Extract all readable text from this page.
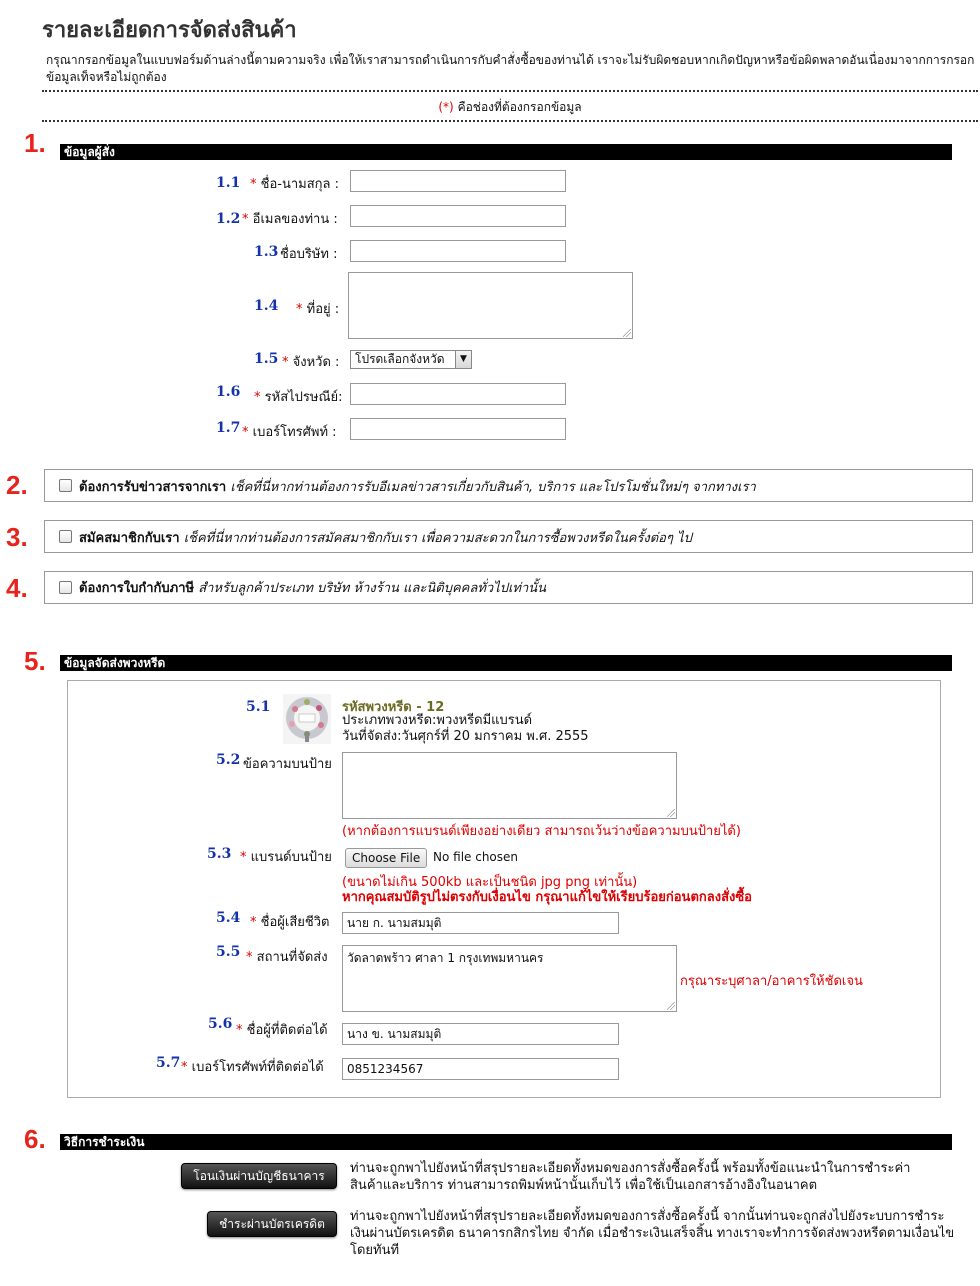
รายละเอียดการจัดส่งสินค้า
กรุณากรอกข้อมูลในแบบฟอร์มด้านล่างนี้ตามความจริง เพื่อให้เราสามารถดำเนินการกับคำสั่งซื้อของท่านได้ เราจะไม่รับผิดชอบหากเกิดปัญหาหรือข้อผิดพลาดอันเนื่องมาจากการกรอกข้อมูลเท็จหรือไม่ถูกต้อง
(*) คือช่องที่ต้องกรอกข้อมูล
1.	ข้อมูลผู้สั่ง
1.1 * ชื่อ-นามสกุล :
1.2 * อีเมลของท่าน :
1.3 ชื่อบริษัท :
1.4 * ที่อยู่ :
1.5 * จังหวัด :	โปรดเลือกจังหวัด	▼
1.6 * รหัสไปรษณีย์:
1.7 * เบอร์โทรศัพท์ :
2.	ต้องการรับข่าวสารจากเรา เช็คที่นี่หากท่านต้องการรับอีเมลข่าวสารเกี่ยวกับสินค้า, บริการ และโปรโมชั่นใหม่ๆ จากทางเรา
3.	สมัคสมาชิกกับเรา เช็คที่นี่หากท่านต้องการสมัคสมาชิกกับเรา เพื่อความสะดวกในการซื้อพวงหรีดในครั้งต่อๆ ไป
4.	ต้องการใบกำกับภาษี สำหรับลูกค้าประเภท บริษัท ห้างร้าน และนิติบุคคลทั่วไปเท่านั้น
5.	ข้อมูลจัดส่งพวงหรีด
5.1	รหัสพวงหรีด - 12
ประเภทพวงหรีด:พวงหรีดมีแบรนด์
วันที่จัดส่ง:วันศุกร์ที่ 20 มกราคม พ.ศ. 2555
5.2 ข้อความบนป้าย
(หากต้องการแบรนด์เพียงอย่างเดียว สามารถเว้นว่างข้อความบนป้ายได้)
5.3 * แบรนด์บนป้าย	Choose File	No file chosen
(ขนาดไม่เกิน 500kb และเป็นชนิด jpg png เท่านั้น)
หากคุณสมบัติรูปไม่ตรงกับเงื่อนไข กรุณาแก้ไขให้เรียบร้อยก่อนตกลงสั่งซื้อ
5.4 * ชื่อผู้เสียชีวิต
นาย ก. นามสมมุติ
5.5 * สถานที่จัดส่ง	วัดลาดพร้าว ศาลา 1 กรุงเทพมหานคร
กรุณาระบุศาลา/อาคารให้ชัดเจน
5.6 * ชื่อผู้ที่ติดต่อได้
นาง ข. นามสมมุติ
5.7 * เบอร์โทรศัพท์ที่ติดต่อได้
0851234567
6.	วิธีการชำระเงิน
โอนเงินผ่านบัญชีธนาคาร	ท่านจะถูกพาไปยังหน้าที่สรุปรายละเอียดทั้งหมดของการสั่งซื้อครั้งนี้ พร้อมทั้งข้อแนะนำในการชำระค่าสินค้าและบริการ ท่านสามารถพิมพ์หน้านั้นเก็บไว้ เพื่อใช้เป็นเอกสารอ้างอิงในอนาคต
ชำระผ่านบัตรเครดิต	ท่านจะถูกพาไปยังหน้าที่สรุปรายละเอียดทั้งหมดของการสั่งซื้อครั้งนี้ จากนั้นท่านจะถูกส่งไปยังระบบการชำระเงินผ่านบัตรเครดิต ธนาคารกสิกรไทย จำกัด เมื่อชำระเงินเสร็จสิ้น ทางเราจะทำการจัดส่งพวงหรีดตามเงื่อนไขโดยทันที
